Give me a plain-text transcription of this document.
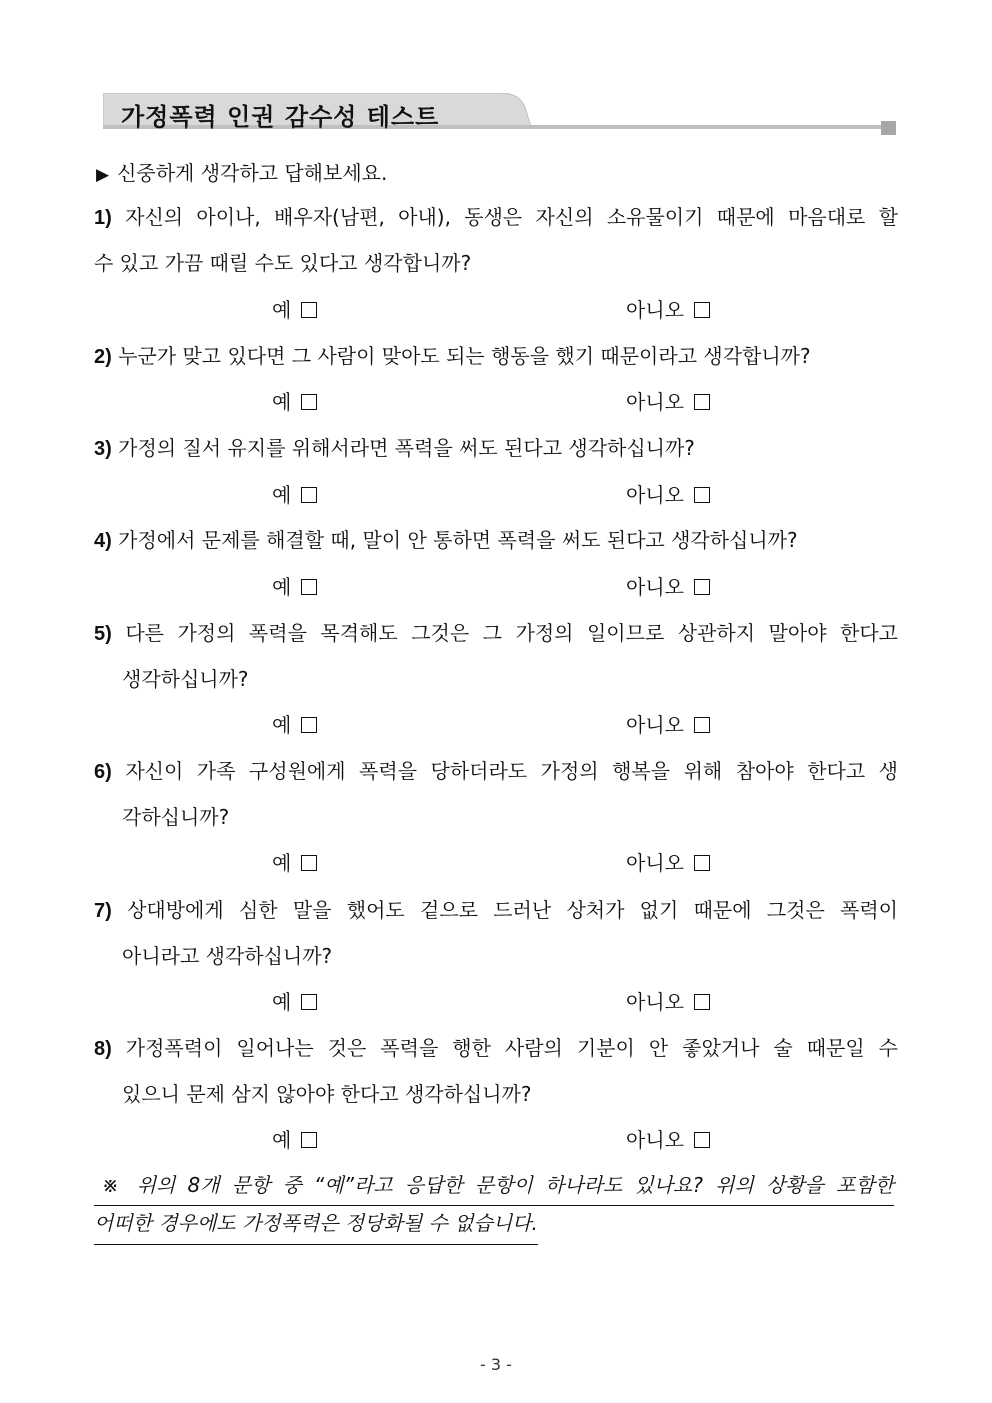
가정폭력 인권 감수성 테스트
▶ 신중하게 생각하고 답해보세요.
1) 자신의 아이나, 배우자(남편, 아내), 동생은 자신의 소유물이기 때문에 마음대로 할
수 있고 가끔 때릴 수도 있다고 생각합니까?
예	아니오
2) 누군가 맞고 있다면 그 사람이 맞아도 되는 행동을 했기 때문이라고 생각합니까?
예	아니오
3) 가정의 질서 유지를 위해서라면 폭력을 써도 된다고 생각하십니까?
예	아니오
4) 가정에서 문제를 해결할 때, 말이 안 통하면 폭력을 써도 된다고 생각하십니까?
예	아니오
5) 다른 가정의 폭력을 목격해도 그것은 그 가정의 일이므로 상관하지 말아야 한다고
생각하십니까?
예	아니오
6) 자신이 가족 구성원에게 폭력을 당하더라도 가정의 행복을 위해 참아야 한다고 생
각하십니까?
예	아니오
7) 상대방에게 심한 말을 했어도 겉으로 드러난 상처가 없기 때문에 그것은 폭력이
아니라고 생각하십니까?
예	아니오
8) 가정폭력이 일어나는 것은 폭력을 행한 사람의 기분이 안 좋았거나 술 때문일 수
있으니 문제 삼지 않아야 한다고 생각하십니까?
예	아니오
※ 위의 8개 문항 중 “예”라고 응답한 문항이 하나라도 있나요? 위의 상황을 포함한
어떠한 경우에도 가정폭력은 정당화될 수 없습니다.
- 3 -
